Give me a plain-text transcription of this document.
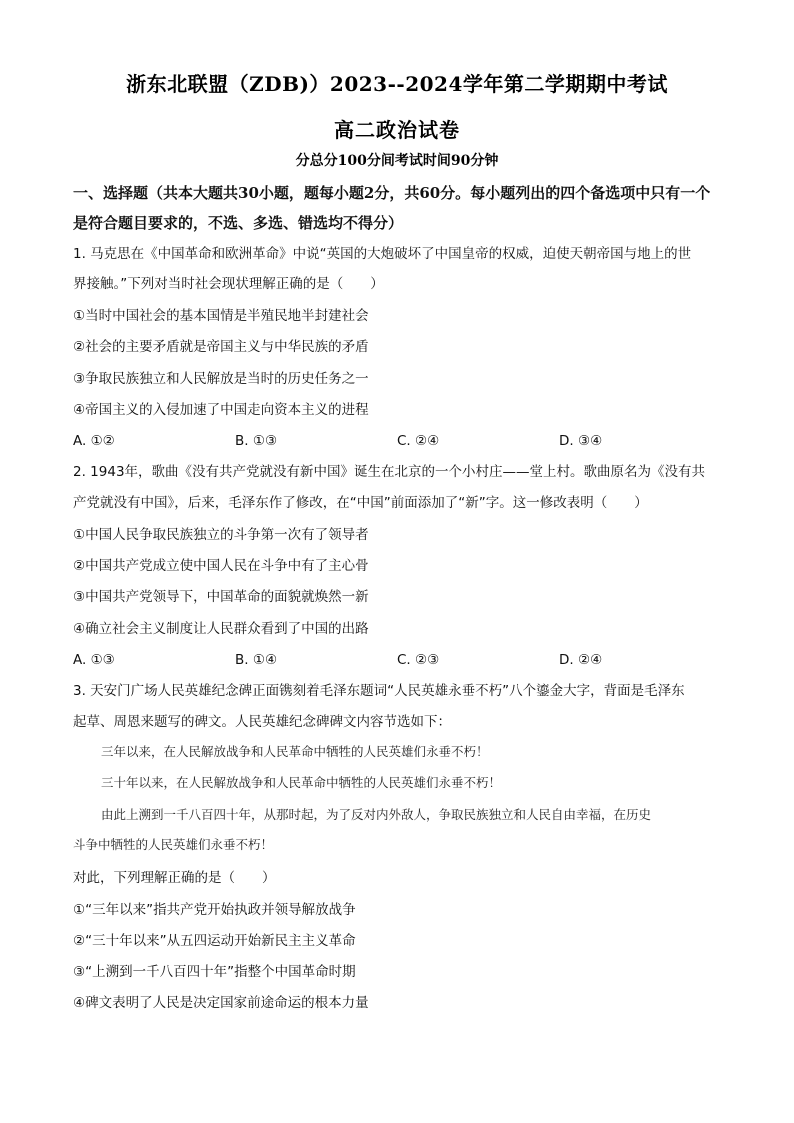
浙东北联盟（ZDB)）2023--2024学年第二学期期中考试
高二政治试卷
分总分100分间考试时间90分钟
一、选择题（共本大题共30小题，题每小题2分，共60分。每小题列出的四个备选项中只有一个是符合题目要求的，不选、多选、错选均不得分）
1. 马克思在《中国革命和欧洲革命》中说“英国的大炮破坏了中国皇帝的权威，迫使天朝帝国与地上的世
界接触。”下列对当时社会现状理解正确的是（　　）
①当时中国社会的基本国情是半殖民地半封建社会
②社会的主要矛盾就是帝国主义与中华民族的矛盾
③争取民族独立和人民解放是当时的历史任务之一
④帝国主义的入侵加速了中国走向资本主义的进程
A. ①②	B. ①③	C. ②④	D. ③④
2. 1943年，歌曲《没有共产党就没有新中国》诞生在北京的一个小村庄——堂上村。歌曲原名为《没有共
产党就没有中国》，后来，毛泽东作了修改，在“中国”前面添加了“新”字。这一修改表明（　　）
①中国人民争取民族独立的斗争第一次有了领导者
②中国共产党成立使中国人民在斗争中有了主心骨
③中国共产党领导下，中国革命的面貌就焕然一新
④确立社会主义制度让人民群众看到了中国的出路
A. ①③	B. ①④	C. ②③	D. ②④
3. 天安门广场人民英雄纪念碑正面镌刻着毛泽东题词“人民英雄永垂不朽”八个鎏金大字，背面是毛泽东
起草、周恩来题写的碑文。人民英雄纪念碑碑文内容节选如下：
三年以来，在人民解放战争和人民革命中牺牲的人民英雄们永垂不朽！
三十年以来，在人民解放战争和人民革命中牺牲的人民英雄们永垂不朽！
由此上溯到一千八百四十年，从那时起，为了反对内外敌人，争取民族独立和人民自由幸福，在历史
斗争中牺牲的人民英雄们永垂不朽！
对此，下列理解正确的是（　　）
①“三年以来”指共产党开始执政并领导解放战争
②“三十年以来”从五四运动开始新民主主义革命
③“上溯到一千八百四十年”指整个中国革命时期
④碑文表明了人民是决定国家前途命运的根本力量
